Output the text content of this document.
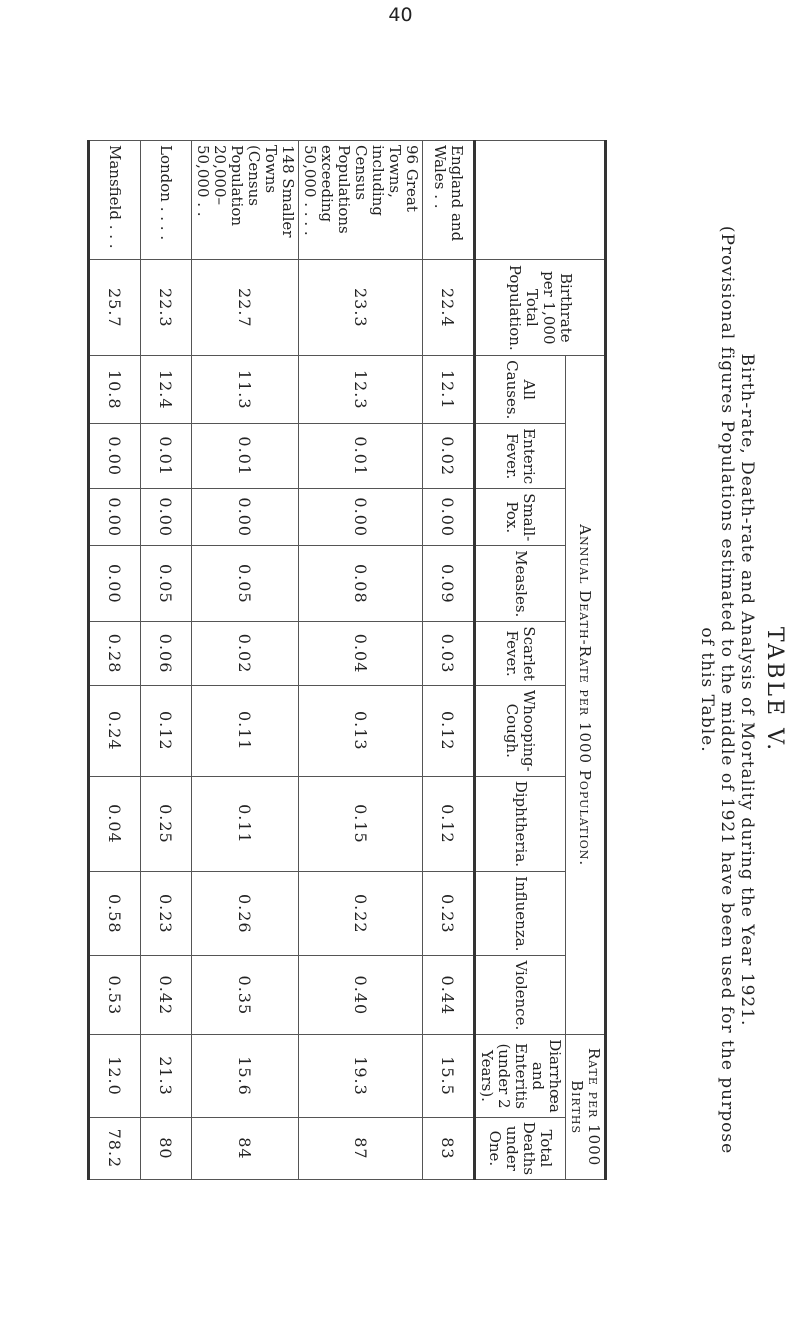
40
TABLE V.
Birth-rate, Death-rate and Analysis of Mortality during the Year 1921.
(Provisional figures Populations estimated to the middle of 1921 have been used for the purpose
of this Table.
	Birthrate per 1,000 Total Population.	Annual Death-Rate per 1000 Population.									Rate per 1000 Births	
		All Causes.	Enteric Fever.	Small-Pox.	Measles.	Scarlet Fever.	Whooping-Cough.	Diphtheria.	Influenza.	Violence.	Diarrhœa and Enteritis (under 2 Years).	Total Deaths under One.
England and Wales . .	22.4	12.1	0.02	0.00	0.09	0.03	0.12	0.12	0.23	0.44	15.5	83
96 Great Towns, including Census Populations exceeding 50,000 . . . .	23.3	12.3	0.01	0.00	0.08	0.04	0.13	0.15	0.22	0.40	19.3	87
148 Smaller Towns (Census Population 20,000–50,000 . .	22.7	11.3	0.01	0.00	0.05	0.02	0.11	0.11	0.26	0.35	15.6	84
London . . . .	22.3	12.4	0.01	0.00	0.05	0.06	0.12	0.25	0.23	0.42	21.3	80
Mansfield . . .	25.7	10.8	0.00	0.00	0.00	0.28	0.24	0.04	0.58	0.53	12.0	78.2
